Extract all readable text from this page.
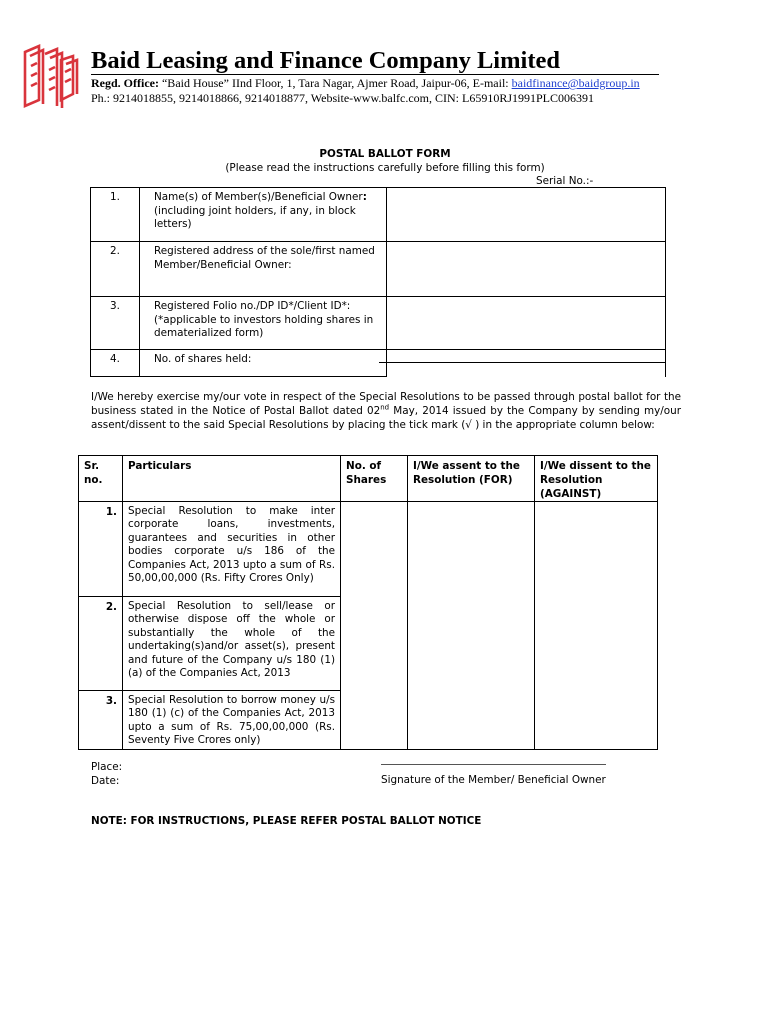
Baid Leasing and Finance Company Limited
Regd. Office: “Baid House” IInd Floor, 1, Tara Nagar, Ajmer Road, Jaipur-06, E-mail: baidfinance@baidgroup.in
Ph.: 9214018855, 9214018866, 9214018877, Website-www.balfc.com, CIN: L65910RJ1991PLC006391
POSTAL BALLOT FORM
(Please read the instructions carefully before filling this form)
Serial No.:-
1.	Name(s) of Member(s)/Beneficial Owner:
(including joint holders, if any, in block letters)	
2.	Registered address of the sole/first named Member/Beneficial Owner:	
3.	Registered Folio no./DP ID*/Client ID*:
(*applicable to investors holding shares in dematerialized form)	
4.	No. of shares held:	
I/We hereby exercise my/our vote in respect of the Special Resolutions to be passed through postal ballot for the business stated in the Notice of Postal Ballot dated 02nd May, 2014 issued by the Company by sending my/our assent/dissent to the said Special Resolutions by placing the tick mark (√ ) in the appropriate column below:
Sr. no.	Particulars	No. of Shares	I/We assent to the Resolution (FOR)	I/We dissent to the Resolution (AGAINST)
1.	Special Resolution to make inter corporate loans, investments, guarantees and securities in other bodies corporate u/s 186 of the Companies Act, 2013 upto a sum of Rs. 50,00,00,000 (Rs. Fifty Crores Only)			
2.	Special Resolution to sell/lease or otherwise dispose off the whole or substantially the whole of the undertaking(s)and/or asset(s), present and future of the Company u/s 180 (1) (a) of the Companies Act, 2013			
3.	Special Resolution to borrow money u/s 180 (1) (c) of the Companies Act, 2013 upto a sum of Rs. 75,00,00,000 (Rs. Seventy Five Crores only)			
Place:
Date:	Signature of the Member/ Beneficial Owner
NOTE: FOR INSTRUCTIONS, PLEASE REFER POSTAL BALLOT NOTICE
